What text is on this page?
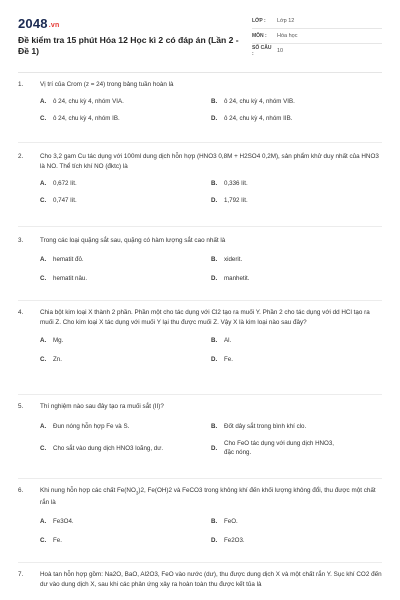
2048.vn
Đề kiểm tra 15 phút Hóa 12 Học kì 2 có đáp án (Lần 2 - Đề 1)
LỚP :	Lớp 12
MÔN :	Hóa học
SỐ CÂU :	10
1.	Vị trí của Crom (z = 24) trong bảng tuần hoàn là
A.	ô 24, chu kỳ 4, nhóm VIA.	B.	ô 24, chu kỳ 4, nhóm VIB.
C.	ô 24, chu kỳ 4, nhóm IB.	D.	ô 24, chu kỳ 4, nhóm IIB.
2.	Cho 3,2 gam Cu tác dụng với 100ml dung dịch hỗn hợp (HNO3 0,8M + H2SO4 0,2M), sản phẩm khử duy nhất của HNO3 là NO. Thể tích khí NO (đktc) là
A.	0,672 lít.	B.	0,336 lít.
C.	0,747 lít.	D.	1,792 lít.
3.	Trong các loại quặng sắt sau, quặng có hàm lượng sắt cao nhất là
A.	hematit đỏ.	B.	xiderit.
C.	hematit nâu.	D.	manhetit.
4.	Chia bột kim loại X thành 2 phần. Phần một cho tác dụng với Cl2 tạo ra muối Y. Phần 2 cho tác dụng với dd HCl tạo ra muối Z. Cho kim loại X tác dụng với muối Y lại thu được muối Z. Vậy X là kim loại nào sau đây?
A.	Mg.	B.	Al.
C.	Zn.	D.	Fe.
5.	Thí nghiệm nào sau đây tạo ra muối sắt (II)?
A.	Đun nóng hỗn hợp Fe và S.	B.	Đốt dây sắt trong bình khí clo.
C.	Cho sắt vào dung dịch HNO3 loãng, dư.	D.
Cho FeO tác dụng với dung dịch HNO3, đặc nóng.
6.	Khi nung hỗn hợp các chất $Fe(NO_3)2$, Fe(OH)2 và FeCO3 trong không khí đến khối lượng không đổi, thu được một chất rắn là
A.	Fe3O4.	B.	FeO.
C.	Fe.	D.	Fe2O3.
7.	Hoà tan hỗn hợp gồm: Na2O, BaO, Al2O3, FeO vào nước (dư), thu được dung dịch X và một chất rắn Y. Sục khí CO2 đến dư vào dung dịch X, sau khi các phản ứng xảy ra hoàn toàn thu được kết tủa là
